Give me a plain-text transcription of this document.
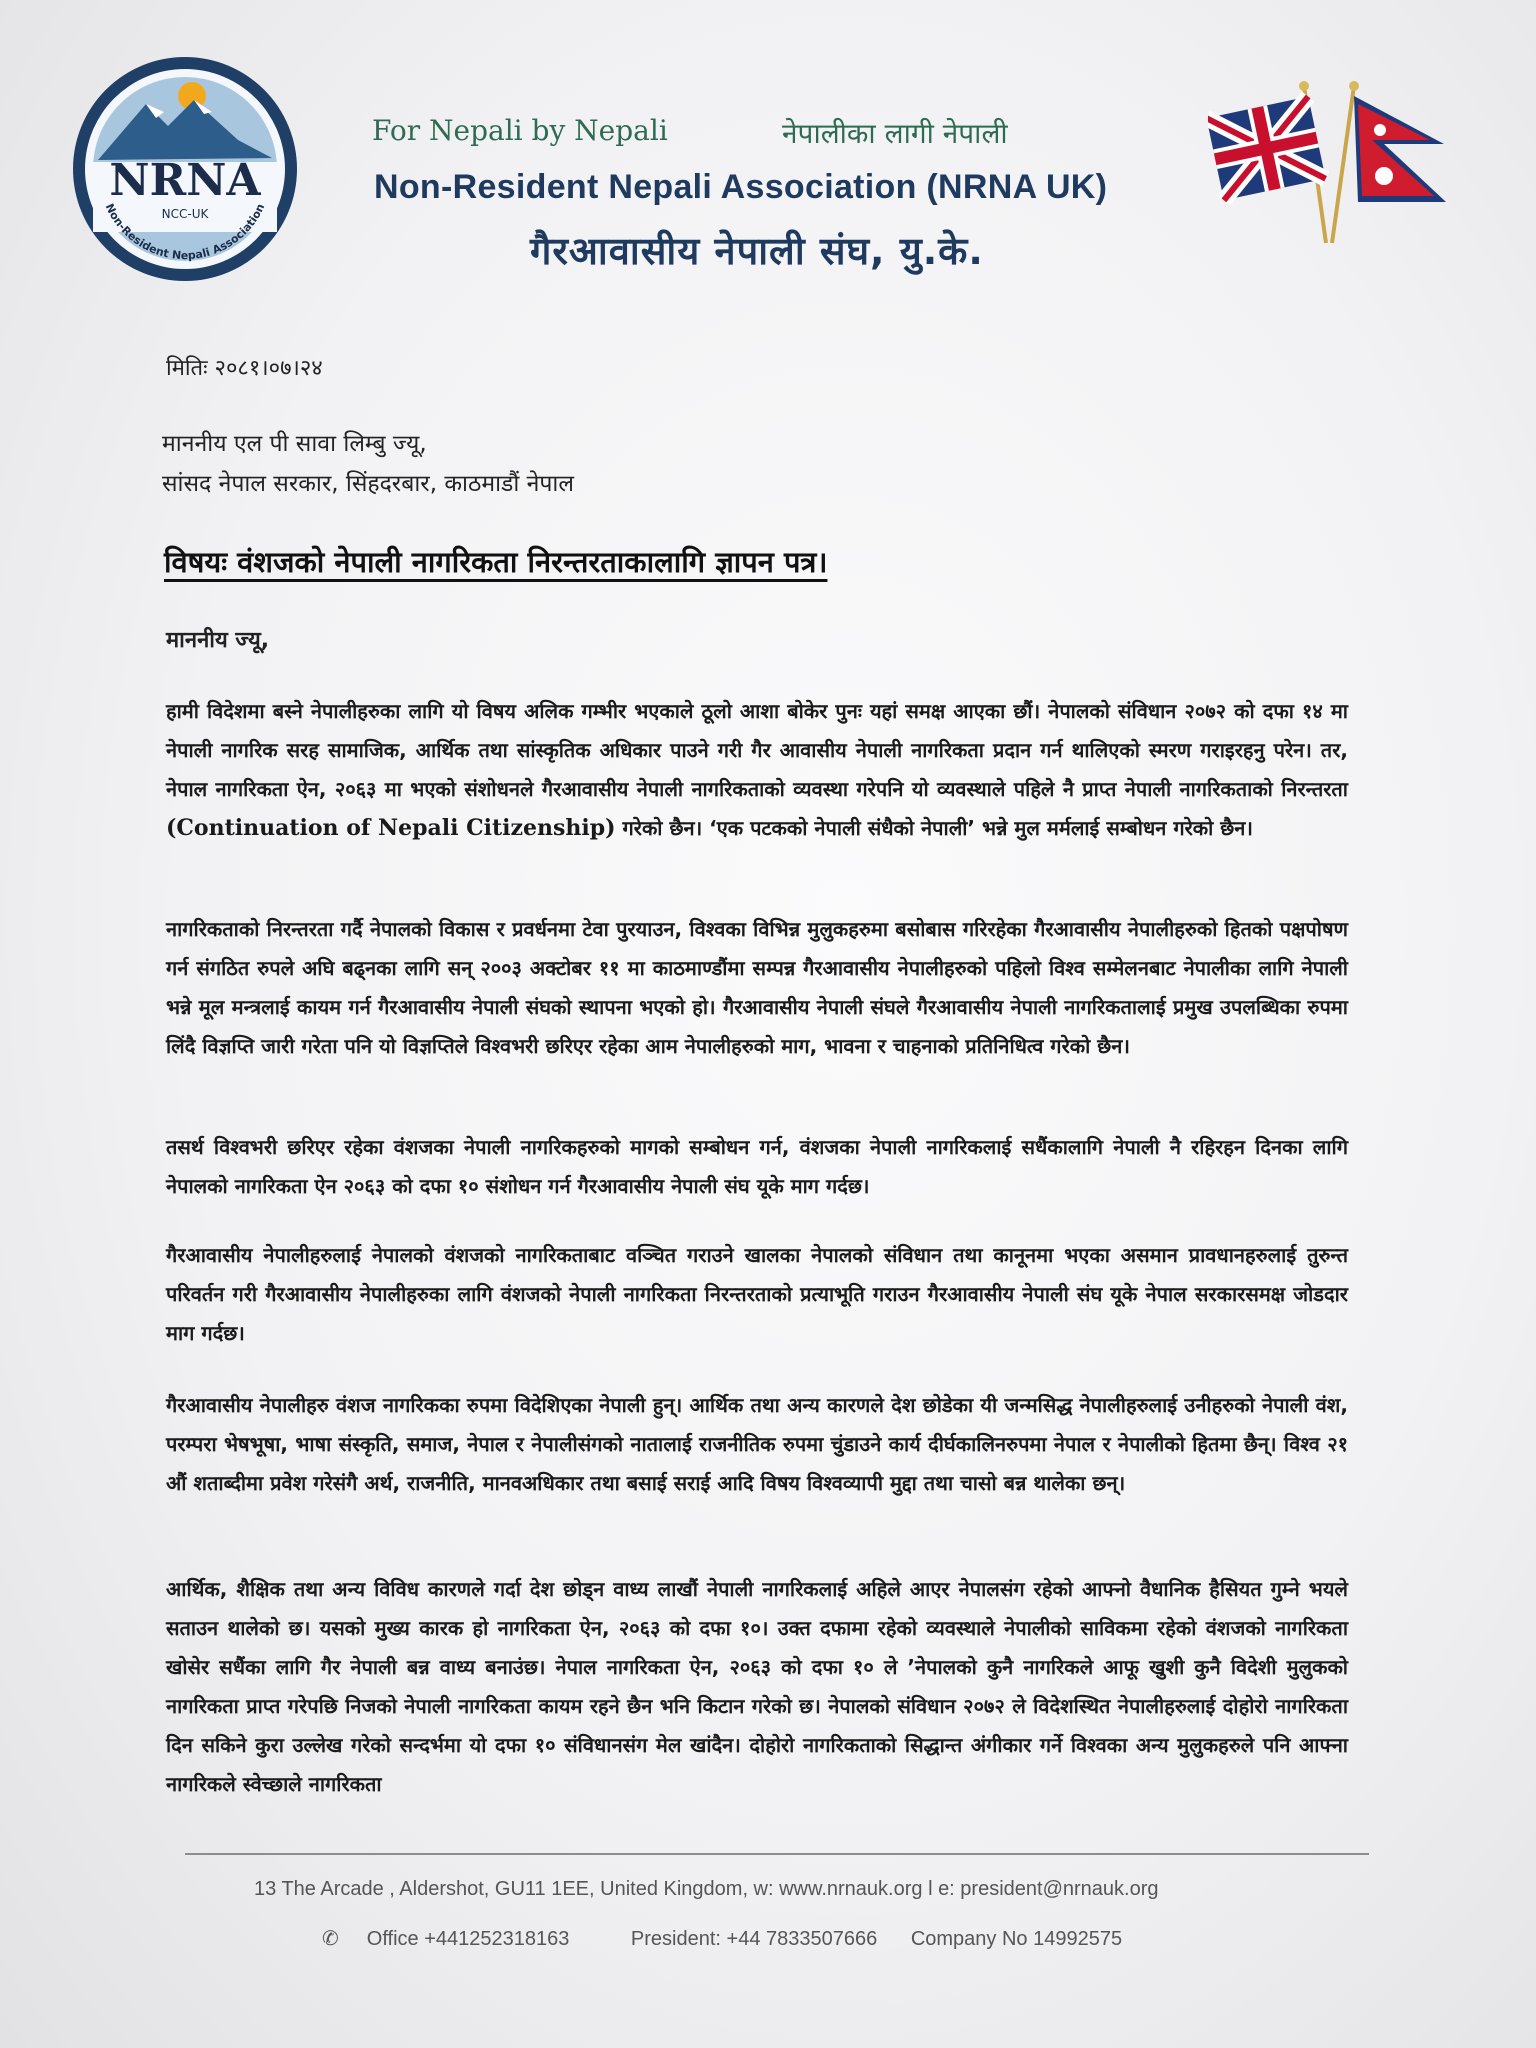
NRNA
NCC-UK
Non-Resident Nepali Association
For Nepali by Nepali	नेपालीका लागी नेपाली
Non-Resident Nepali Association (NRNA UK)
गैरआवासीय नेपाली संघ, यु.के.
मितिः २०८१।०७।२४
माननीय एल पी सावा लिम्बु ज्यू,
सांसद नेपाल सरकार, सिंहदरबार, काठमाडौं नेपाल
विषयः वंशजको नेपाली नागरिकता निरन्तरताकालागि ज्ञापन पत्र।
माननीय ज्यू,
हामी विदेशमा बस्ने नेपालीहरुका लागि यो विषय अलिक गम्भीर भएकाले ठूलो आशा बोकेर पुनः यहां समक्ष आएका छौं। नेपालको संविधान २०७२ को दफा १४ मा नेपाली नागरिक सरह सामाजिक, आर्थिक तथा सांस्कृतिक अधिकार पाउने गरी गैर आवासीय नेपाली नागरिकता प्रदान गर्न थालिएको स्मरण गराइरहनु परेन। तर, नेपाल नागरिकता ऐन, २०६३ मा भएको संशोधनले गैरआवासीय नेपाली नागरिकताको व्यवस्था गरेपनि यो व्यवस्थाले पहिले नै प्राप्त नेपाली नागरिकताको निरन्तरता (Continuation of Nepali Citizenship) गरेको छैन। ‘एक पटकको नेपाली संधैको नेपाली’ भन्ने मुल मर्मलाई सम्बोधन गरेको छैन।
नागरिकताको निरन्तरता गर्दै नेपालको विकास र प्रवर्धनमा टेवा पुरयाउन, विश्वका विभिन्न मुलुकहरुमा बसोबास गरिरहेका गैरआवासीय नेपालीहरुको हितको पक्षपोषण गर्न संगठित रुपले अघि बढ्नका लागि सन् २००३ अक्टोबर ११ मा काठमाण्डौंमा सम्पन्न गैरआवासीय नेपालीहरुको पहिलो विश्व सम्मेलनबाट नेपालीका लागि नेपाली भन्ने मूल मन्त्रलाई कायम गर्न गैरआवासीय नेपाली संघको स्थापना भएको हो। गैरआवासीय नेपाली संघले गैरआवासीय नेपाली नागरिकतालाई प्रमुख उपलब्धिका रुपमा लिंदै विज्ञप्ति जारी गरेता पनि यो विज्ञप्तिले विश्वभरी छरिएर रहेका आम नेपालीहरुको माग, भावना र चाहनाको प्रतिनिधित्व गरेको छैन।
तसर्थ विश्वभरी छरिएर रहेका वंशजका नेपाली नागरिकहरुको मागको सम्बोधन गर्न, वंशजका नेपाली नागरिकलाई सधैंकालागि नेपाली नै रहिरहन दिनका लागि नेपालको नागरिकता ऐन २०६३ को दफा १० संशोधन गर्न गैरआवासीय नेपाली संघ यूके माग गर्दछ।
गैरआवासीय नेपालीहरुलाई नेपालको वंशजको नागरिकताबाट वञ्चित गराउने खालका नेपालको संविधान तथा कानूनमा भएका असमान प्रावधानहरुलाई तुरुन्त परिवर्तन गरी गैरआवासीय नेपालीहरुका लागि वंशजको नेपाली नागरिकता निरन्तरताको प्रत्याभूति गराउन गैरआवासीय नेपाली संघ यूके नेपाल सरकारसमक्ष जोडदार माग गर्दछ।
गैरआवासीय नेपालीहरु वंशज नागरिकका रुपमा विदेशिएका नेपाली हुन्। आर्थिक तथा अन्य कारणले देश छोडेका यी जन्मसिद्ध नेपालीहरुलाई उनीहरुको नेपाली वंश, परम्परा भेषभूषा, भाषा संस्कृति, समाज, नेपाल र नेपालीसंगको नातालाई राजनीतिक रुपमा चुंडाउने कार्य दीर्घकालिनरुपमा नेपाल र नेपालीको हितमा छैन्। विश्व २१ औं शताब्दीमा प्रवेश गरेसंगै अर्थ, राजनीति, मानवअधिकार तथा बसाई सराई आदि विषय विश्वव्यापी मुद्दा तथा चासो बन्न थालेका छन्।
आर्थिक, शैक्षिक तथा अन्य विविध कारणले गर्दा देश छोड्न वाध्य लाखौं नेपाली नागरिकलाई अहिले आएर नेपालसंग रहेको आफ्नो वैधानिक हैसियत गुम्ने भयले सताउन थालेको छ। यसको मुख्य कारक हो नागरिकता ऐन, २०६३ को दफा १०। उक्त दफामा रहेको व्यवस्थाले नेपालीको साविकमा रहेको वंशजको नागरिकता खोसेर सधैंका लागि गैर नेपाली बन्न वाध्य बनाउंछ। नेपाल नागरिकता ऐन, २०६३ को दफा १० ले ’नेपालको कुनै नागरिकले आफू खुशी कुनै विदेशी मुलुकको नागरिकता प्राप्त गरेपछि निजको नेपाली नागरिकता कायम रहने छैन भनि किटान गरेको छ। नेपालको संविधान २०७२ ले विदेशस्थित नेपालीहरुलाई दोहोरो नागरिकता दिन सकिने कुरा उल्लेख गरेको सन्दर्भमा यो दफा १० संविधानसंग मेल खांदैन। दोहोरो नागरिकताको सिद्धान्त अंगीकार गर्ने विश्वका अन्य मुलुकहरुले पनि आफ्ना नागरिकले स्वेच्छाले नागरिकता
13 The Arcade , Aldershot, GU11 1EE, United Kingdom, w: www.nrnauk.org l e: president@nrnauk.org
✆ Office +441252318163	President: +44 7833507666 Company No 14992575
